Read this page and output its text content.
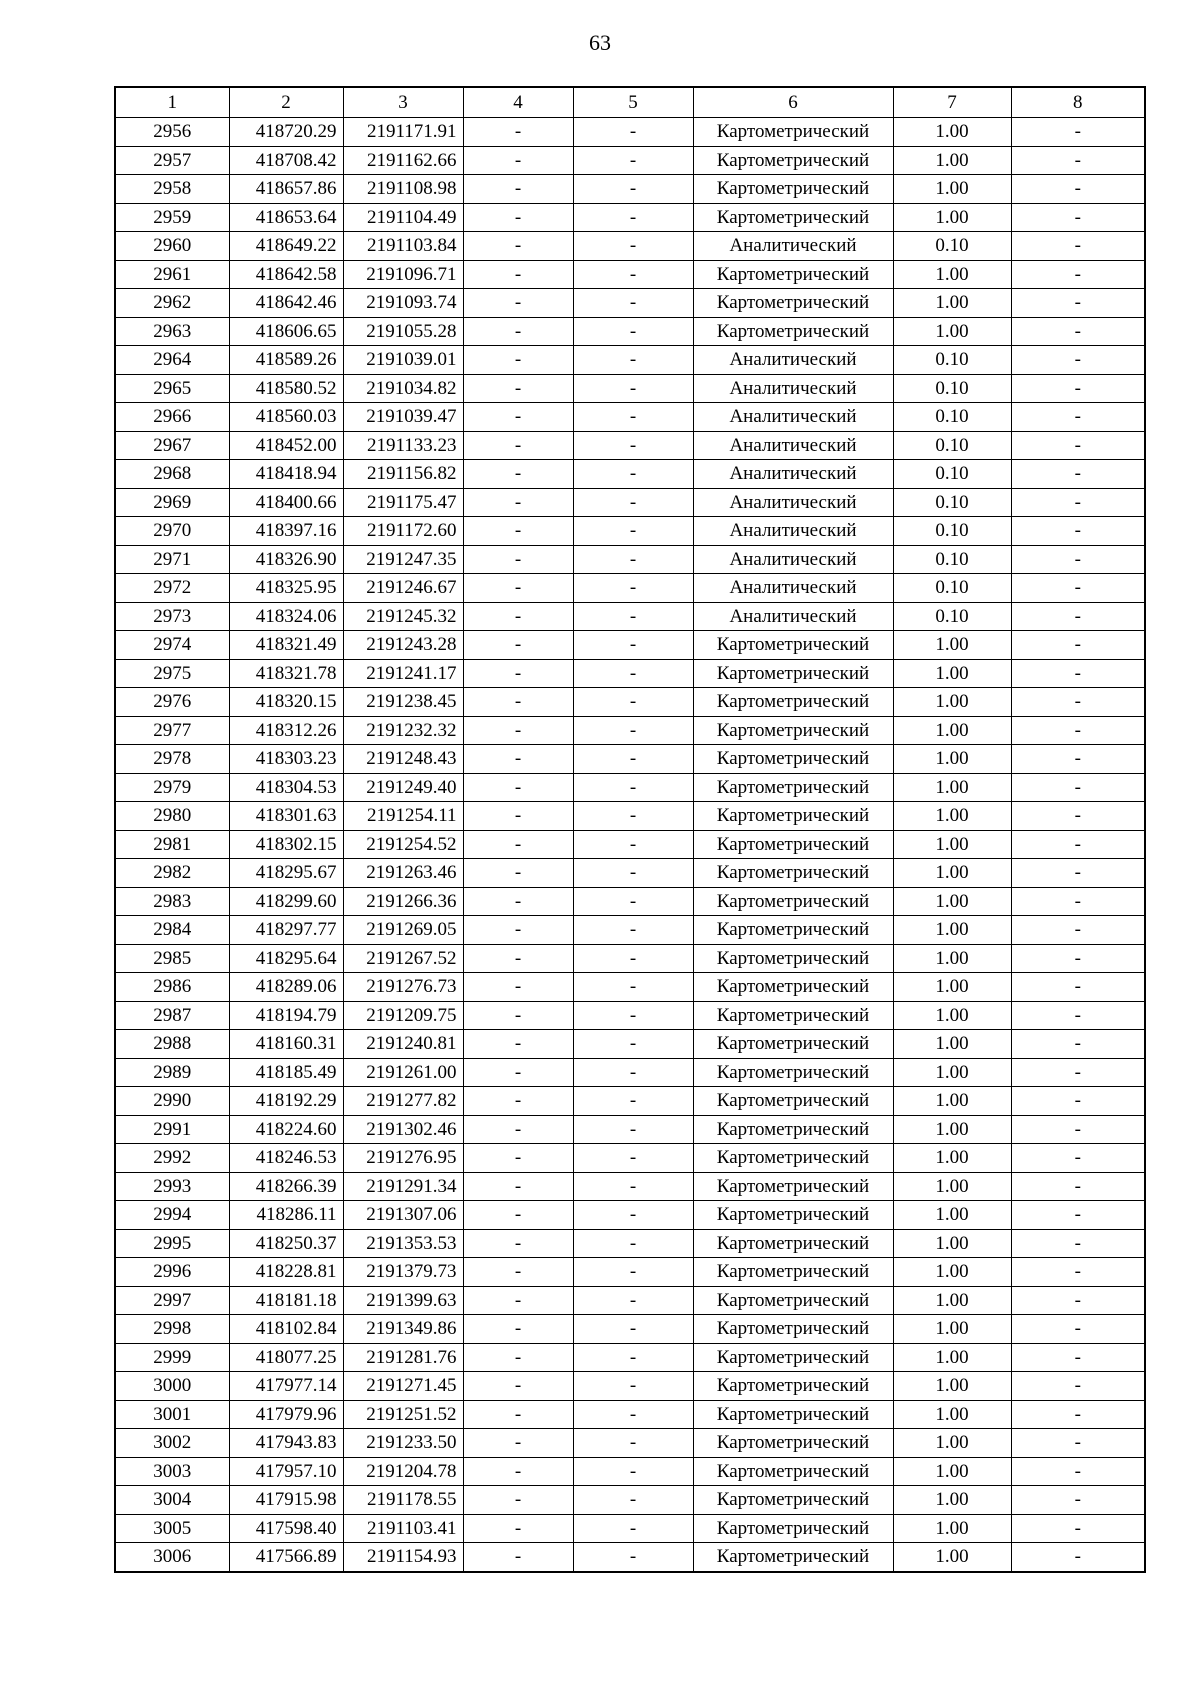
63
1	2	3	4	5	6	7	8
2956	418720.29	2191171.91	-	-	Картометрический	1.00	-
2957	418708.42	2191162.66	-	-	Картометрический	1.00	-
2958	418657.86	2191108.98	-	-	Картометрический	1.00	-
2959	418653.64	2191104.49	-	-	Картометрический	1.00	-
2960	418649.22	2191103.84	-	-	Аналитический	0.10	-
2961	418642.58	2191096.71	-	-	Картометрический	1.00	-
2962	418642.46	2191093.74	-	-	Картометрический	1.00	-
2963	418606.65	2191055.28	-	-	Картометрический	1.00	-
2964	418589.26	2191039.01	-	-	Аналитический	0.10	-
2965	418580.52	2191034.82	-	-	Аналитический	0.10	-
2966	418560.03	2191039.47	-	-	Аналитический	0.10	-
2967	418452.00	2191133.23	-	-	Аналитический	0.10	-
2968	418418.94	2191156.82	-	-	Аналитический	0.10	-
2969	418400.66	2191175.47	-	-	Аналитический	0.10	-
2970	418397.16	2191172.60	-	-	Аналитический	0.10	-
2971	418326.90	2191247.35	-	-	Аналитический	0.10	-
2972	418325.95	2191246.67	-	-	Аналитический	0.10	-
2973	418324.06	2191245.32	-	-	Аналитический	0.10	-
2974	418321.49	2191243.28	-	-	Картометрический	1.00	-
2975	418321.78	2191241.17	-	-	Картометрический	1.00	-
2976	418320.15	2191238.45	-	-	Картометрический	1.00	-
2977	418312.26	2191232.32	-	-	Картометрический	1.00	-
2978	418303.23	2191248.43	-	-	Картометрический	1.00	-
2979	418304.53	2191249.40	-	-	Картометрический	1.00	-
2980	418301.63	2191254.11	-	-	Картометрический	1.00	-
2981	418302.15	2191254.52	-	-	Картометрический	1.00	-
2982	418295.67	2191263.46	-	-	Картометрический	1.00	-
2983	418299.60	2191266.36	-	-	Картометрический	1.00	-
2984	418297.77	2191269.05	-	-	Картометрический	1.00	-
2985	418295.64	2191267.52	-	-	Картометрический	1.00	-
2986	418289.06	2191276.73	-	-	Картометрический	1.00	-
2987	418194.79	2191209.75	-	-	Картометрический	1.00	-
2988	418160.31	2191240.81	-	-	Картометрический	1.00	-
2989	418185.49	2191261.00	-	-	Картометрический	1.00	-
2990	418192.29	2191277.82	-	-	Картометрический	1.00	-
2991	418224.60	2191302.46	-	-	Картометрический	1.00	-
2992	418246.53	2191276.95	-	-	Картометрический	1.00	-
2993	418266.39	2191291.34	-	-	Картометрический	1.00	-
2994	418286.11	2191307.06	-	-	Картометрический	1.00	-
2995	418250.37	2191353.53	-	-	Картометрический	1.00	-
2996	418228.81	2191379.73	-	-	Картометрический	1.00	-
2997	418181.18	2191399.63	-	-	Картометрический	1.00	-
2998	418102.84	2191349.86	-	-	Картометрический	1.00	-
2999	418077.25	2191281.76	-	-	Картометрический	1.00	-
3000	417977.14	2191271.45	-	-	Картометрический	1.00	-
3001	417979.96	2191251.52	-	-	Картометрический	1.00	-
3002	417943.83	2191233.50	-	-	Картометрический	1.00	-
3003	417957.10	2191204.78	-	-	Картометрический	1.00	-
3004	417915.98	2191178.55	-	-	Картометрический	1.00	-
3005	417598.40	2191103.41	-	-	Картометрический	1.00	-
3006	417566.89	2191154.93	-	-	Картометрический	1.00	-
